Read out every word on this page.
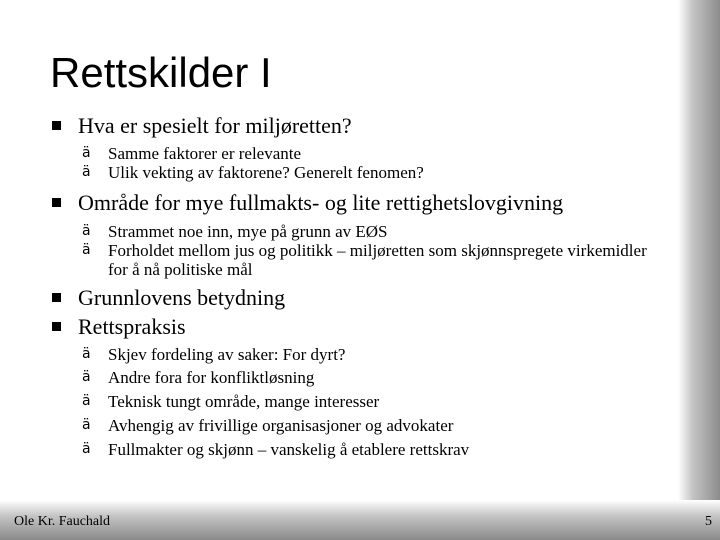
Rettskilder I
Hva er spesielt for miljøretten?
ä Samme faktorer er relevante
ä Ulik vekting av faktorene? Generelt fenomen?
Område for mye fullmakts- og lite rettighetslovgivning
ä Strammet noe inn, mye på grunn av EØS
ä Forholdet mellom jus og politikk – miljøretten som skjønnspregete virkemidler for å nå politiske mål
Grunnlovens betydning
Rettspraksis
ä Skjev fordeling av saker: For dyrt?
ä Andre fora for konfliktløsning
ä Teknisk tungt område, mange interesser
ä Avhengig av frivillige organisasjoner og advokater
ä Fullmakter og skjønn – vanskelig å etablere rettskrav
Ole Kr. Fauchald	5
